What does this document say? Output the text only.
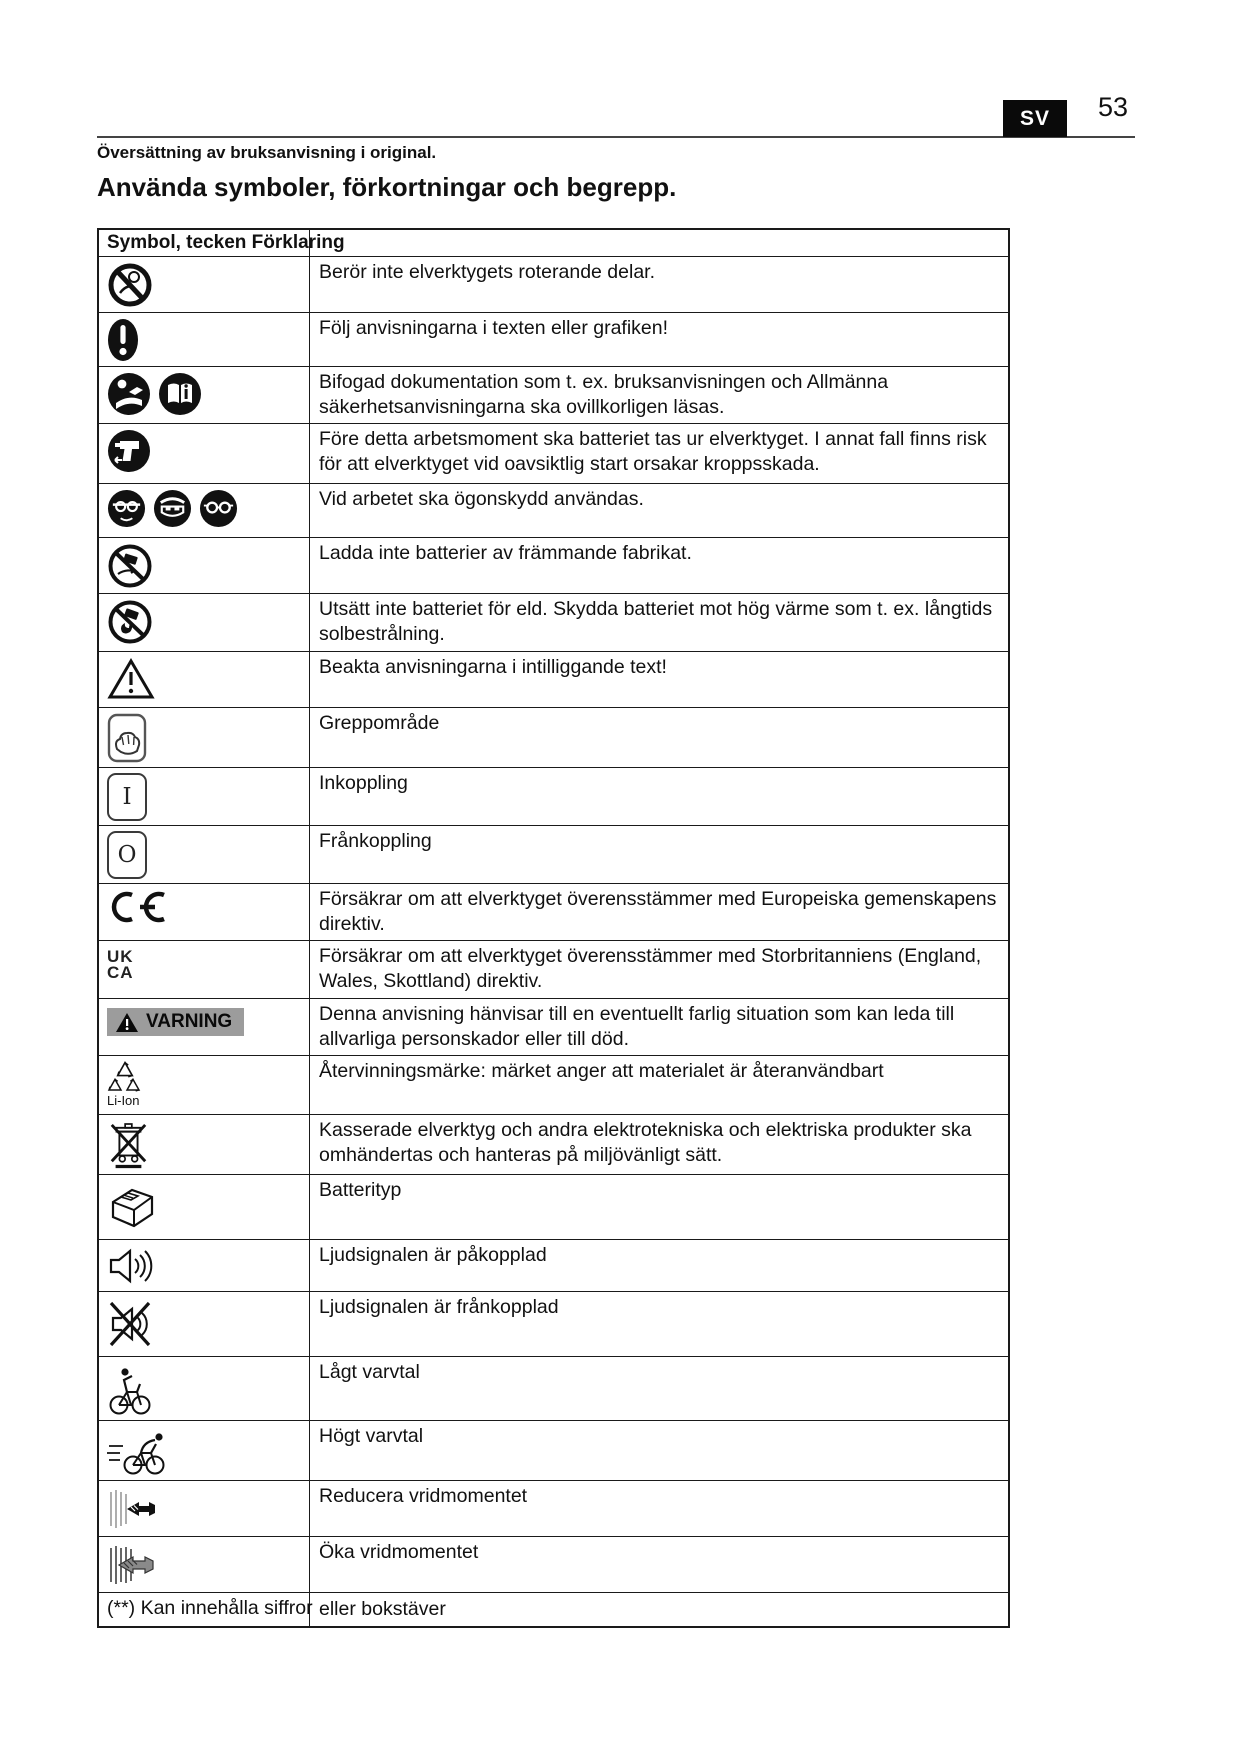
SV	53
Översättning av bruksanvisning i original.
Använda symboler, förkortningar och begrepp.
Symbol, tecken Förklaring
Berör inte elverktygets roterande delar.
Följ anvisningarna i texten eller grafiken!
Bifogad dokumentation som t. ex. bruksanvisningen och Allmänna säkerhetsanvisningarna ska ovillkorligen läsas.
Före detta arbetsmoment ska batteriet tas ur elverktyget. I annat fall finns risk för att elverktyget vid oavsiktlig start orsakar kroppsskada.
Vid arbetet ska ögonskydd användas.
Ladda inte batterier av främmande fabrikat.
Utsätt inte batteriet för eld. Skydda batteriet mot hög värme som t. ex. långtids solbestrålning.
Beakta anvisningarna i intilliggande text!
Greppområde
I
Inkoppling
O
Frånkoppling
Försäkrar om att elverktyget överensstämmer med Europeiska gemenskapens direktiv.
UK
CA
Försäkrar om att elverktyget överensstämmer med Storbritanniens (England, Wales, Skottland) direktiv.
VARNING	Denna anvisning hänvisar till en eventuellt farlig situation som kan leda till allvarliga personskador eller till död.
Li-Ion
Återvinningsmärke: märket anger att materialet är återanvändbart
Kasserade elverktyg och andra elektrotekniska och elektriska produkter ska omhändertas och hanteras på miljövänligt sätt.
Batterityp
Ljudsignalen är påkopplad
Ljudsignalen är frånkopplad
Lågt varvtal
Högt varvtal
Reducera vridmomentet
Öka vridmomentet
(**) Kan innehålla siffror eller bokstäver
